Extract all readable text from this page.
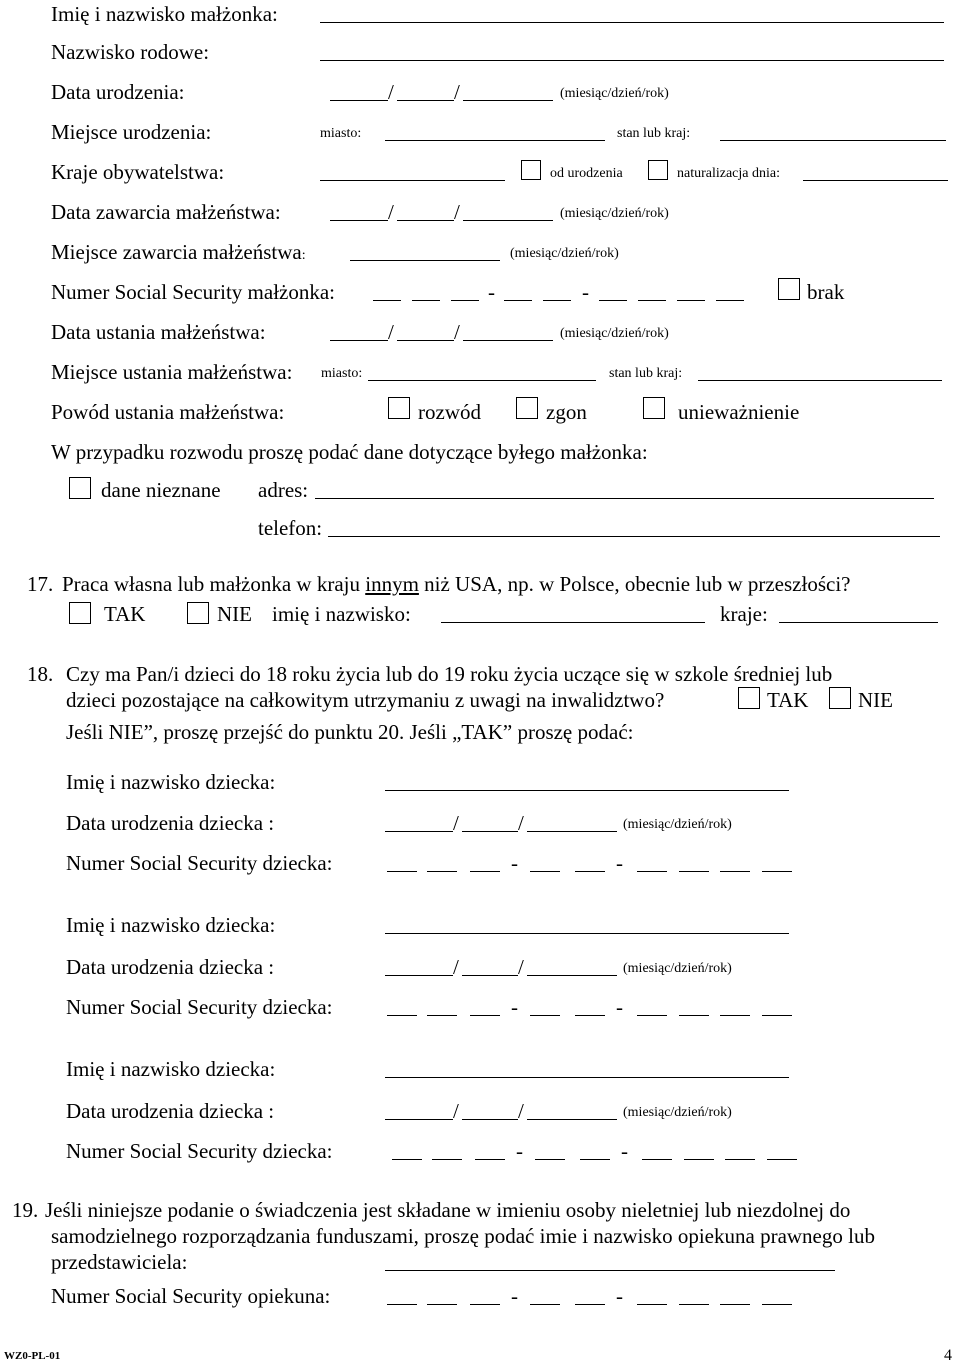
Imię i nazwisko małżonka:
Nazwisko rodowe:
Data urodzenia:	/	/	(miesiąc/dzień/rok)
Miejsce urodzenia:	miasto:	stan lub kraj:
Kraje obywatelstwa:	od urodzenia	naturalizacja dnia:
Data zawarcia małżeństwa:	/	/	(miesiąc/dzień/rok)
Miejsce zawarcia małżeństwa:	(miesiąc/dzień/rok)
Numer Social Security małżonka:	-	-	brak
Data ustania małżeństwa:	/	/	(miesiąc/dzień/rok)
Miejsce ustania małżeństwa: miasto:	stan lub kraj:
Powód ustania małżeństwa:	rozwód	zgon	unieważnienie
W przypadku rozwodu proszę podać dane dotyczące byłego małżonka:
dane nieznane adres:
telefon:
17. Praca własna lub małżonka w kraju innym niż USA, np. w Polsce, obecnie lub w przeszłości?
TAK	NIE imię i nazwisko:	kraje:
18. Czy ma Pan/i dzieci do 18 roku życia lub do 19 roku życia uczące się w szkole średniej lub
dzieci pozostające na całkowitym utrzymaniu z uwagi na inwalidztwo?	TAK NIE
Jeśli NIE”, proszę przejść do punktu 20. Jeśli „TAK” proszę podać:
Imię i nazwisko dziecka:
Data urodzenia dziecka :	/	/	(miesiąc/dzień/rok)
Numer Social Security dziecka:	-	-
Imię i nazwisko dziecka:
Data urodzenia dziecka :	/	/	(miesiąc/dzień/rok)
Numer Social Security dziecka:	-	-
Imię i nazwisko dziecka:
Data urodzenia dziecka :	/	/	(miesiąc/dzień/rok)
Numer Social Security dziecka:	-	-
19. Jeśli niniejsze podanie o świadczenia jest składane w imieniu osoby nieletniej lub niezdolnej do
samodzielnego rozporządzania funduszami, proszę podać imie i nazwisko opiekuna prawnego lub
przedstawiciela:
Numer Social Security opiekuna:	-	-
WZ0-PL-01	4
